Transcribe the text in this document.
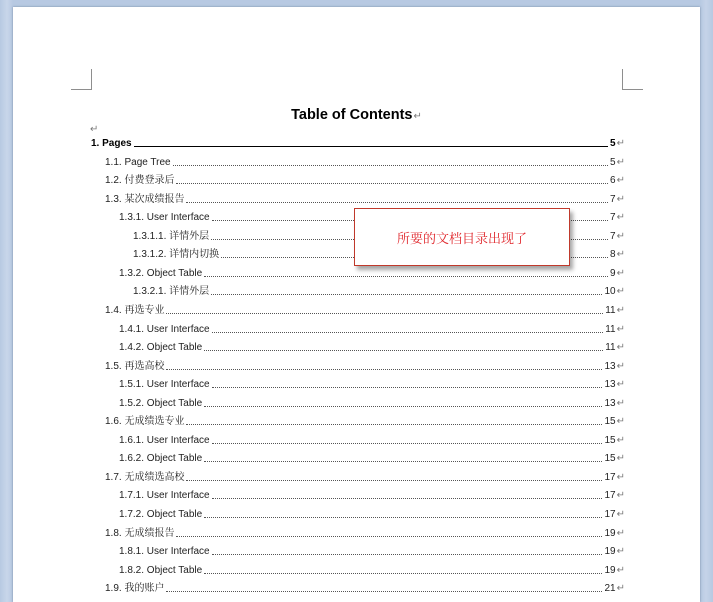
Table of Contents↵
↵
1. Pages	5 ↵
1.1. Page Tree	5 ↵
1.2. 付费登录后	6 ↵
1.3. 某次成绩报告	7 ↵
1.3.1. User Interface	7 ↵
1.3.1.1. 详情外层	7 ↵
1.3.1.2. 详情内切换	8 ↵
1.3.2. Object Table	9 ↵
1.3.2.1. 详情外层	10 ↵
1.4. 再选专业	11 ↵
1.4.1. User Interface	11 ↵
1.4.2. Object Table	11 ↵
1.5. 再选高校	13 ↵
1.5.1. User Interface	13 ↵
1.5.2. Object Table	13 ↵
1.6. 无成绩选专业	15 ↵
1.6.1. User Interface	15 ↵
1.6.2. Object Table	15 ↵
1.7. 无成绩选高校	17 ↵
1.7.1. User Interface	17 ↵
1.7.2. Object Table	17 ↵
1.8. 无成绩报告	19 ↵
1.8.1. User Interface	19 ↵
1.8.2. Object Table	19 ↵
1.9. 我的账户	21 ↵
所要的文档目录出现了
